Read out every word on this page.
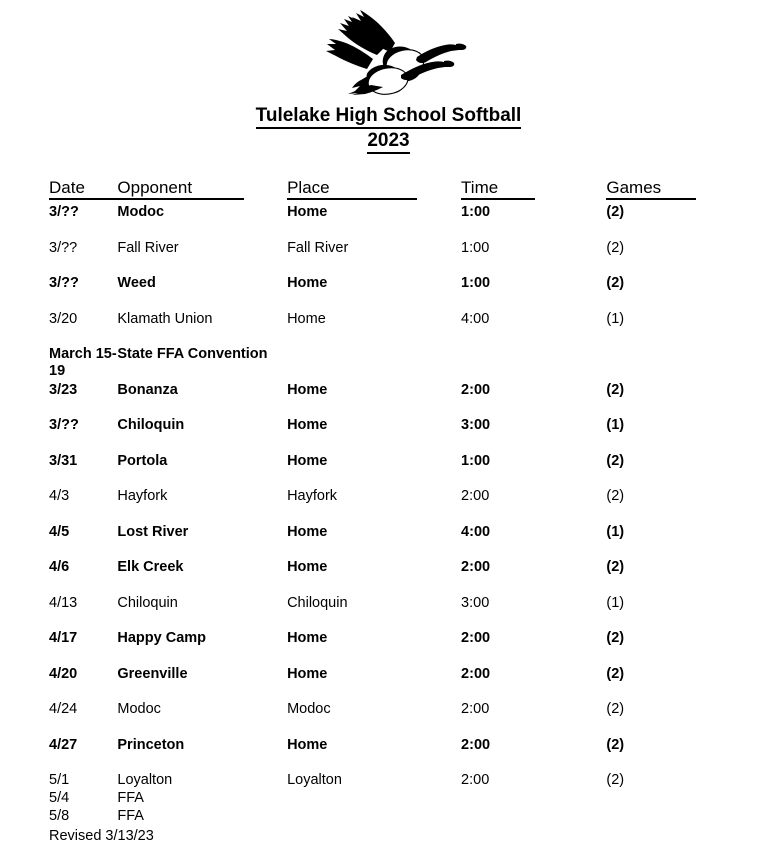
Tulelake High School Softball
2023
Date	Opponent	Place	Time	Games
3/??	Modoc	Home	1:00	(2)
3/??	Fall River	Fall River	1:00	(2)
3/??	Weed	Home	1:00	(2)
3/20	Klamath Union	Home	4:00	(1)
March 15-19	State FFA Convention			
3/23	Bonanza	Home	2:00	(2)
3/??	Chiloquin	Home	3:00	(1)
3/31	Portola	Home	1:00	(2)
4/3	Hayfork	Hayfork	2:00	(2)
4/5	Lost River	Home	4:00	(1)
4/6	Elk Creek	Home	2:00	(2)
4/13	Chiloquin	Chiloquin	3:00	(1)
4/17	Happy Camp	Home	2:00	(2)
4/20	Greenville	Home	2:00	(2)
4/24	Modoc	Modoc	2:00	(2)
4/27	Princeton	Home	2:00	(2)
5/1	Loyalton	Loyalton	2:00	(2)
5/4	FFA			
5/8	FFA			
Revised 3/13/23
